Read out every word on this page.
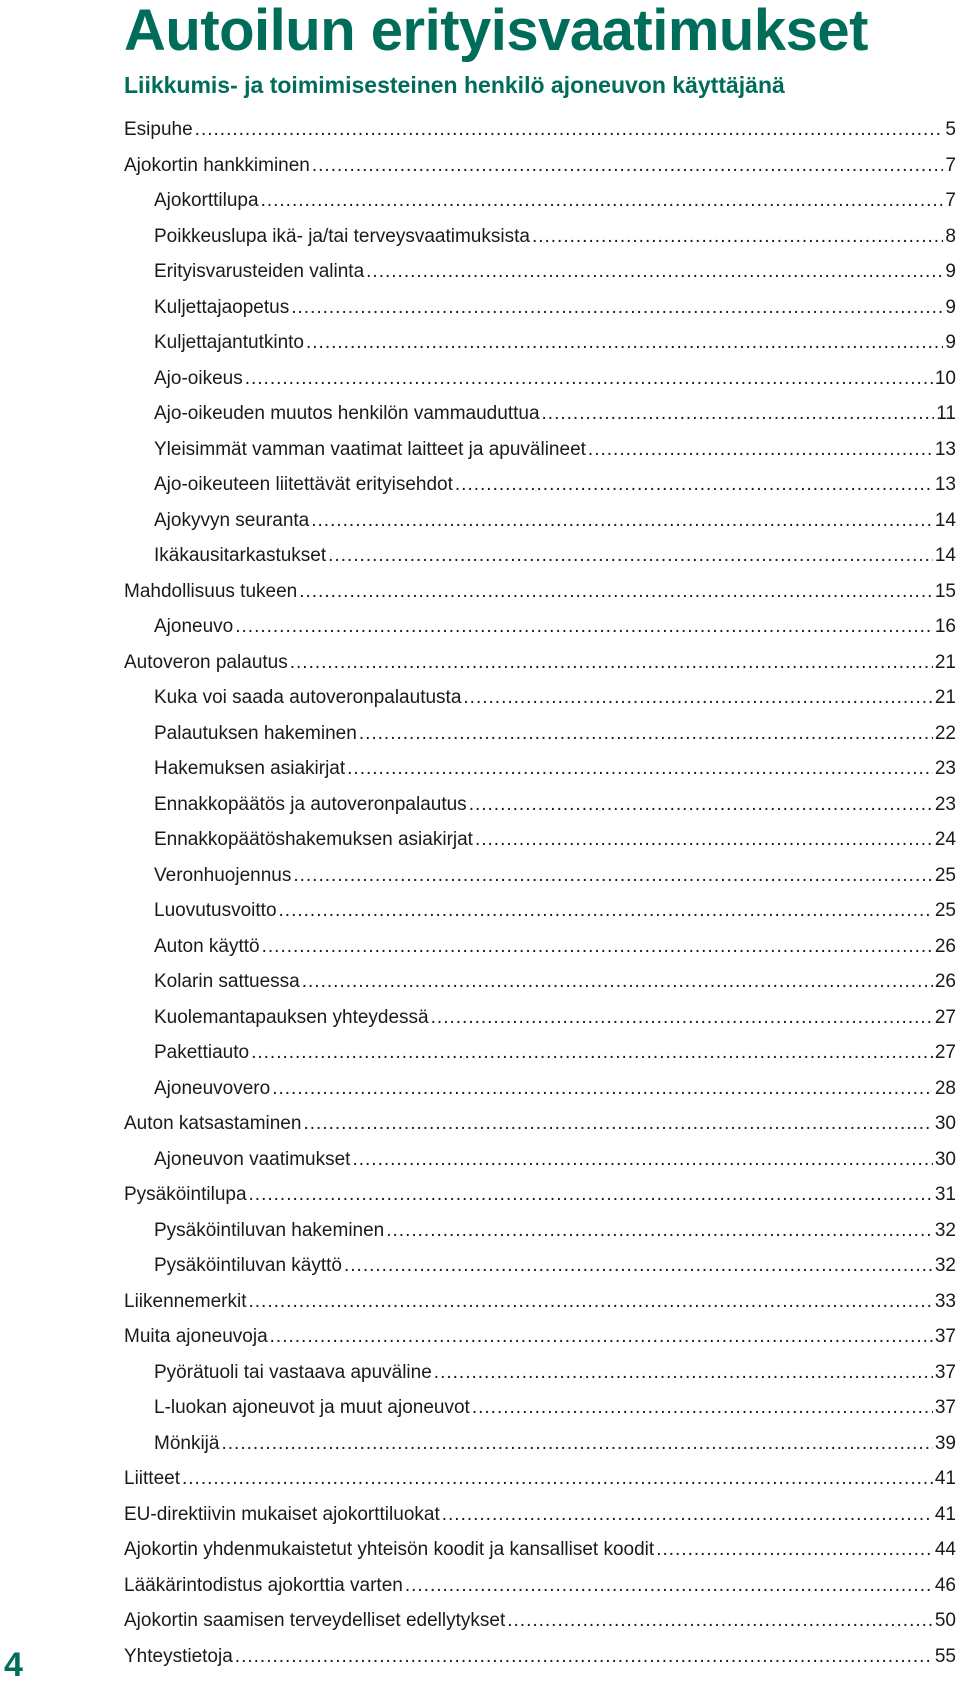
Autoilun erityisvaatimukset
Liikkumis- ja toimimisesteinen henkilö ajoneuvon käyttäjänä
Esipuhe .....	5
Ajokortin hankkiminen .....	7
Ajokorttilupa .....	7
Poikkeuslupa ikä- ja/tai terveysvaatimuksista .....	8
Erityisvarusteiden valinta .....	9
Kuljettajaopetus .....	9
Kuljettajantutkinto .....	9
Ajo-oikeus .....	10
Ajo-oikeuden muutos henkilön vammauduttua .....	11
Yleisimmät vamman vaatimat laitteet ja apuvälineet .....	13
Ajo-oikeuteen liitettävät erityisehdot .....	13
Ajokyvyn seuranta .....	14
Ikäkausitarkastukset .....	14
Mahdollisuus tukeen .....	15
Ajoneuvo .....	16
Autoveron palautus .....	21
Kuka voi saada autoveronpalautusta .....	21
Palautuksen hakeminen .....	22
Hakemuksen asiakirjat .....	23
Ennakkopäätös ja autoveronpalautus .....	23
Ennakkopäätöshakemuksen asiakirjat .....	24
Veronhuojennus .....	25
Luovutusvoitto .....	25
Auton käyttö .....	26
Kolarin sattuessa .....	26
Kuolemantapauksen yhteydessä .....	27
Pakettiauto .....	27
Ajoneuvovero .....	28
Auton katsastaminen .....	30
Ajoneuvon vaatimukset .....	30
Pysäköintilupa .....	31
Pysäköintiluvan hakeminen .....	32
Pysäköintiluvan käyttö .....	32
Liikennemerkit .....	33
Muita ajoneuvoja .....	37
Pyörätuoli tai vastaava apuväline .....	37
L-luokan ajoneuvot ja muut ajoneuvot .....	37
Mönkijä .....	39
Liitteet .....	41
EU-direktiivin mukaiset ajokorttiluokat .....	41
Ajokortin yhdenmukaistetut yhteisön koodit ja kansalliset koodit .....	44
Lääkärintodistus ajokorttia varten .....	46
Ajokortin saamisen terveydelliset edellytykset .....	50
Yhteystietoja .....	55
4
